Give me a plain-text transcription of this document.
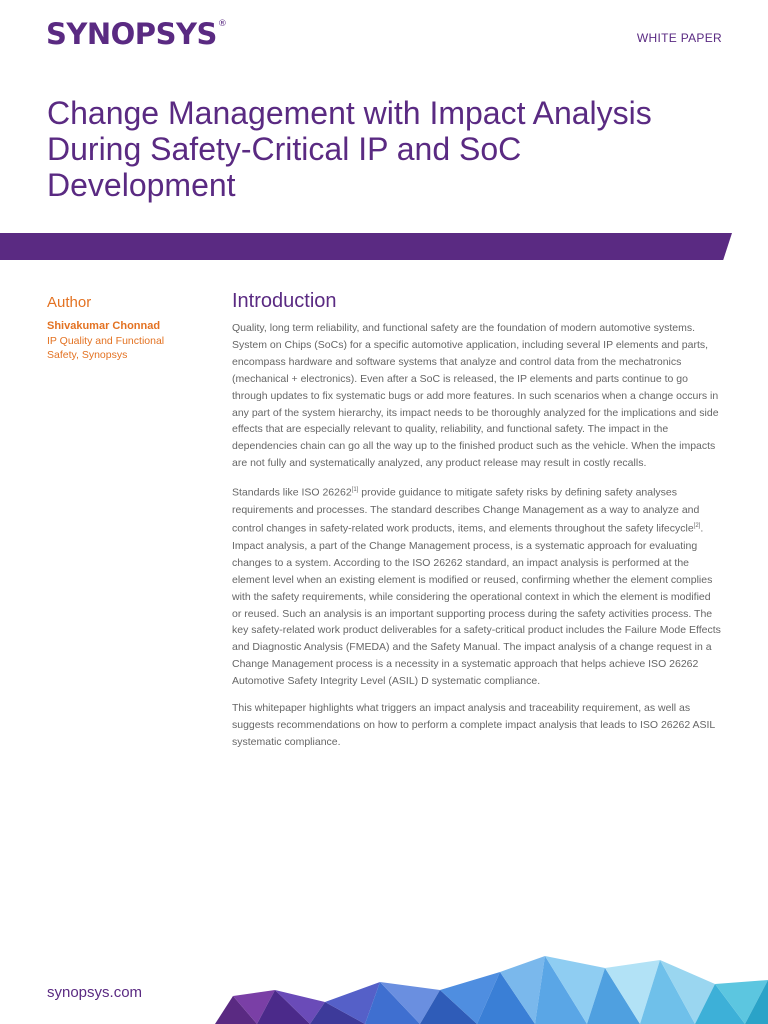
SYNOPSYS®
WHITE PAPER
Change Management with Impact Analysis During Safety-Critical IP and SoC Development
Author
Shivakumar Chonnad
IP Quality and Functional Safety, Synopsys
Introduction

Quality, long term reliability, and functional safety are the foundation of modern automotive systems. System on Chips (SoCs) for a specific automotive application, including several IP elements and parts, encompass hardware and software systems that analyze and control data from the mechatronics (mechanical + electronics). Even after a SoC is released, the IP elements and parts continue to go through updates to fix systematic bugs or add more features. In such scenarios when a change occurs in any part of the system hierarchy, its impact needs to be thoroughly analyzed for the implications and side effects that are especially relevant to quality, reliability, and functional safety. The impact in the dependencies chain can go all the way up to the finished product such as the vehicle. When the impacts are not fully and systematically analyzed, any product release may result in costly recalls.

Standards like ISO 26262[1] provide guidance to mitigate safety risks by defining safety analyses requirements and processes. The standard describes Change Management as a way to analyze and control changes in safety-related work products, items, and elements throughout the safety lifecycle[2]. Impact analysis, a part of the Change Management process, is a systematic approach for evaluating changes to a system. According to the ISO 26262 standard, an impact analysis is performed at the element level when an existing element is modified or reused, confirming whether the element complies with the safety requirements, while considering the operational context in which the element is modified or reused. Such an analysis is an important supporting process during the safety activities process. The key safety-related work product deliverables for a safety-critical product includes the Failure Mode Effects and Diagnostic Analysis (FMEDA) and the Safety Manual. The impact analysis of a change request in a Change Management process is a necessity in a systematic approach that helps achieve ISO 26262 Automotive Safety Integrity Level (ASIL) D systematic compliance.

This whitepaper highlights what triggers an impact analysis and traceability requirement, as well as suggests recommendations on how to perform a complete impact analysis that leads to ISO 26262 ASIL systematic compliance.

synopsys.com
